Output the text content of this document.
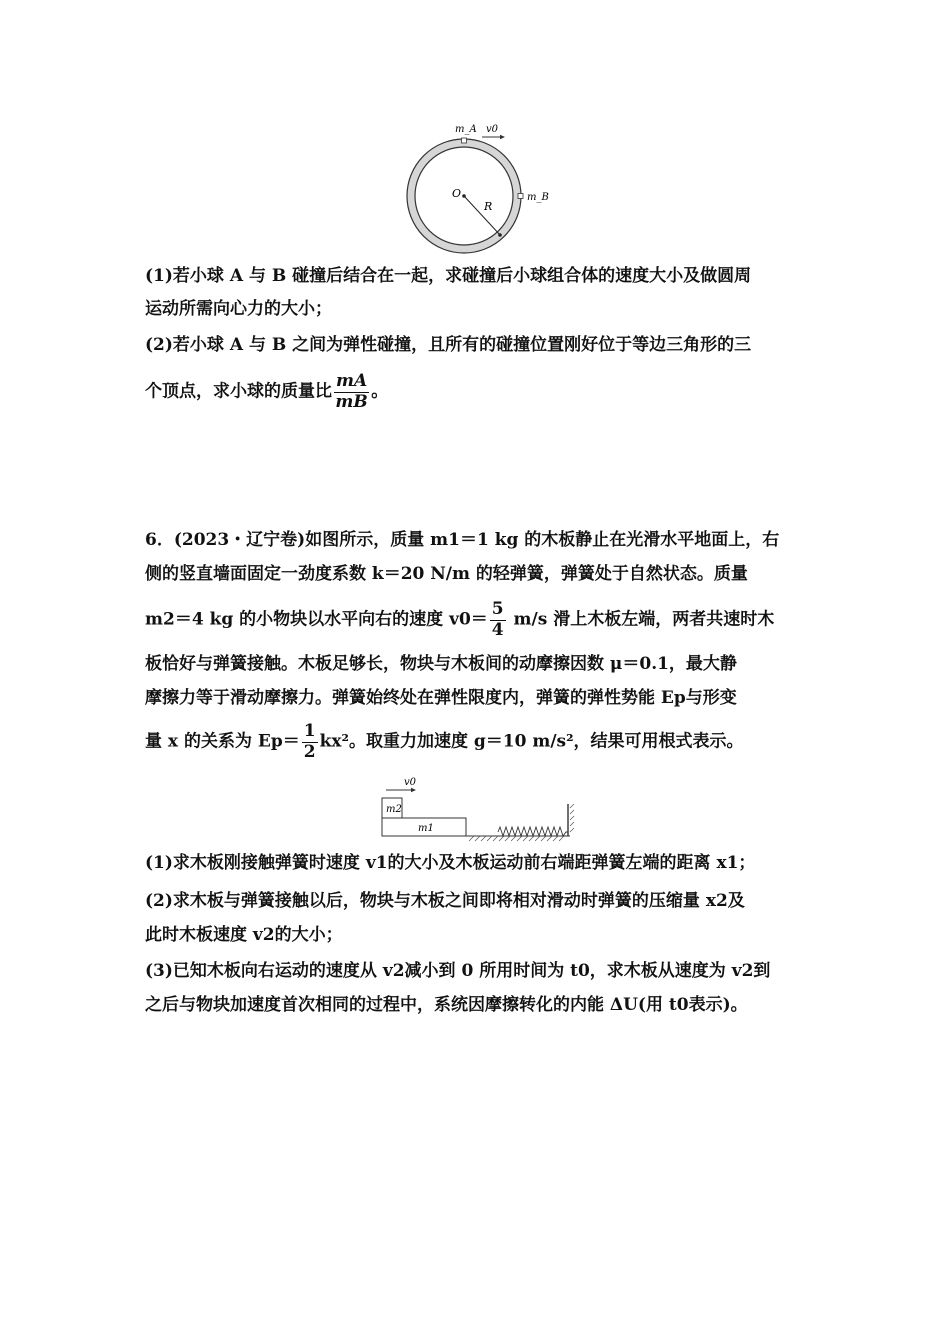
m_A v0
O
R
m_B
(1)若小球 A 与 B 碰撞后结合在一起，求碰撞后小球组合体的速度大小及做圆周
运动所需向心力的大小；
(2)若小球 A 与 B 之间为弹性碰撞，且所有的碰撞位置刚好位于等边三角形的三
个顶点，求小球的质量比 $\frac{mA}{mB}$ 。
6．(2023・辽宁卷)如图所示，质量 m1＝1 kg 的木板静止在光滑水平地面上，右
侧的竖直墙面固定一劲度系数 k＝20 N/m 的轻弹簧，弹簧处于自然状态。质量
m2＝4 kg 的小物块以水平向右的速度 $v0= \frac{5}{4} m/s$ 滑上木板左端，两者共速时木
板恰好与弹簧接触。木板足够长，物块与木板间的动摩擦因数 μ＝0.1，最大静
摩擦力等于滑动摩擦力。弹簧始终处在弹性限度内，弹簧的弹性势能 Ep与形变
量 x 的关系为 $Ep= \frac{1}{2} kx^2$。取重力加速度 g＝10 m/s²，结果可用根式表示。
v0
m2
m1
(1)求木板刚接触弹簧时速度 v1的大小及木板运动前右端距弹簧左端的距离 x1；
(2)求木板与弹簧接触以后，物块与木板之间即将相对滑动时弹簧的压缩量 x2及
此时木板速度 v2的大小；
(3)已知木板向右运动的速度从 v2减小到 0 所用时间为 t0，求木板从速度为 v2到
之后与物块加速度首次相同的过程中，系统因摩擦转化的内能 ΔU(用 t0表示)。
